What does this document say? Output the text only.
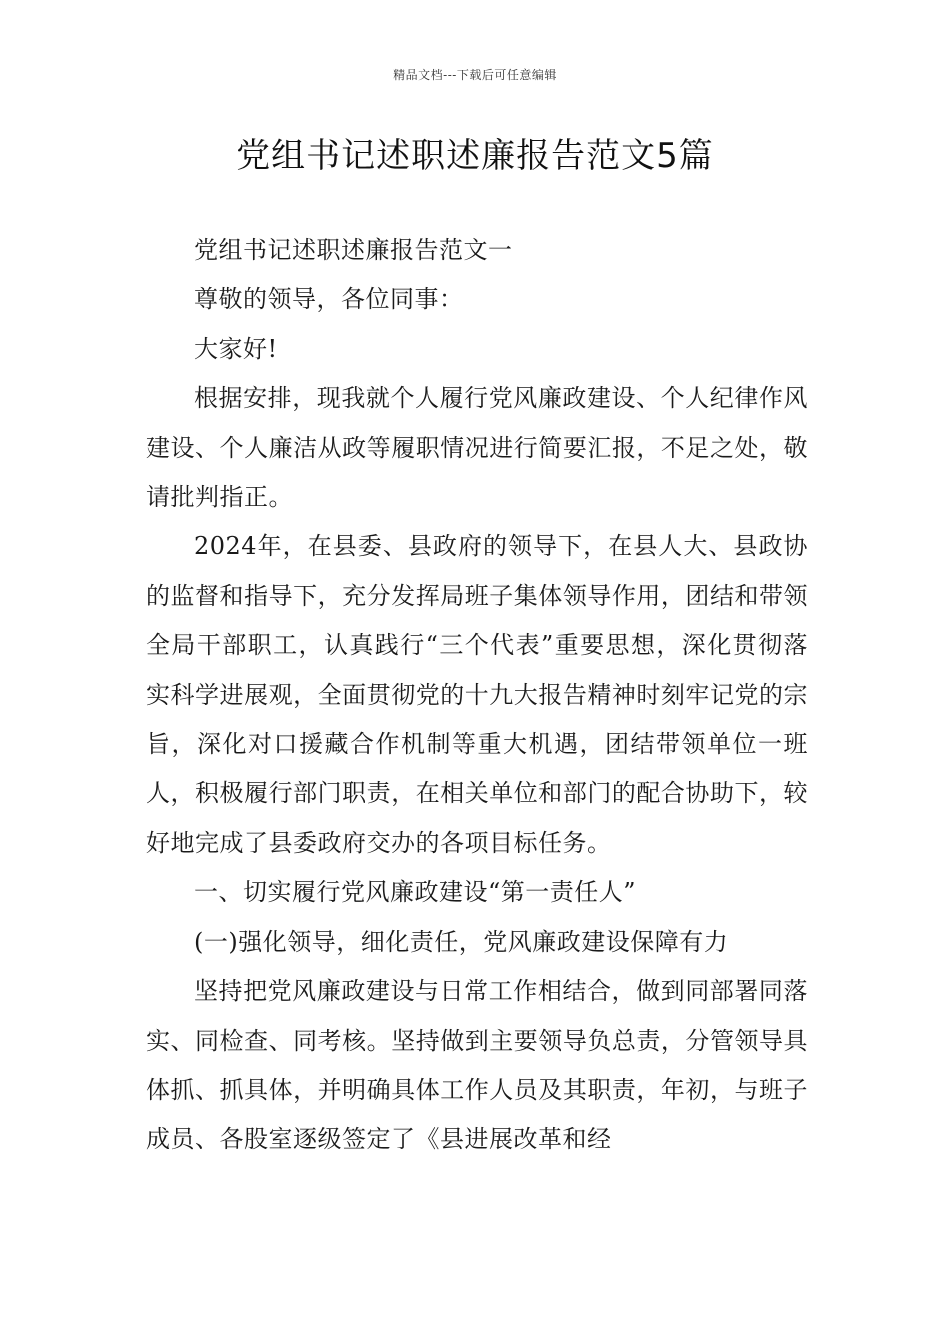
精品文档---下载后可任意编辑
党组书记述职述廉报告范文5篇

党组书记述职述廉报告范文一

尊敬的领导，各位同事：

大家好!

根据安排，现我就个人履行党风廉政建设、个人纪律作风建设、个人廉洁从政等履职情况进行简要汇报，不足之处，敬请批判指正。

2024年，在县委、县政府的领导下，在县人大、县政协的监督和指导下，充分发挥局班子集体领导作用，团结和带领全局干部职工，认真践行“三个代表”重要思想，深化贯彻落实科学进展观，全面贯彻党的十九大报告精神时刻牢记党的宗旨，深化对口援藏合作机制等重大机遇，团结带领单位一班人，积极履行部门职责，在相关单位和部门的配合协助下，较好地完成了县委政府交办的各项目标任务。

一、切实履行党风廉政建设“第一责任人”

(一)强化领导，细化责任，党风廉政建设保障有力

坚持把党风廉政建设与日常工作相结合，做到同部署同落实、同检查、同考核。坚持做到主要领导负总责，分管领导具体抓、抓具体，并明确具体工作人员及其职责，年初，与班子成员、各股室逐级签定了《县进展改革和经
